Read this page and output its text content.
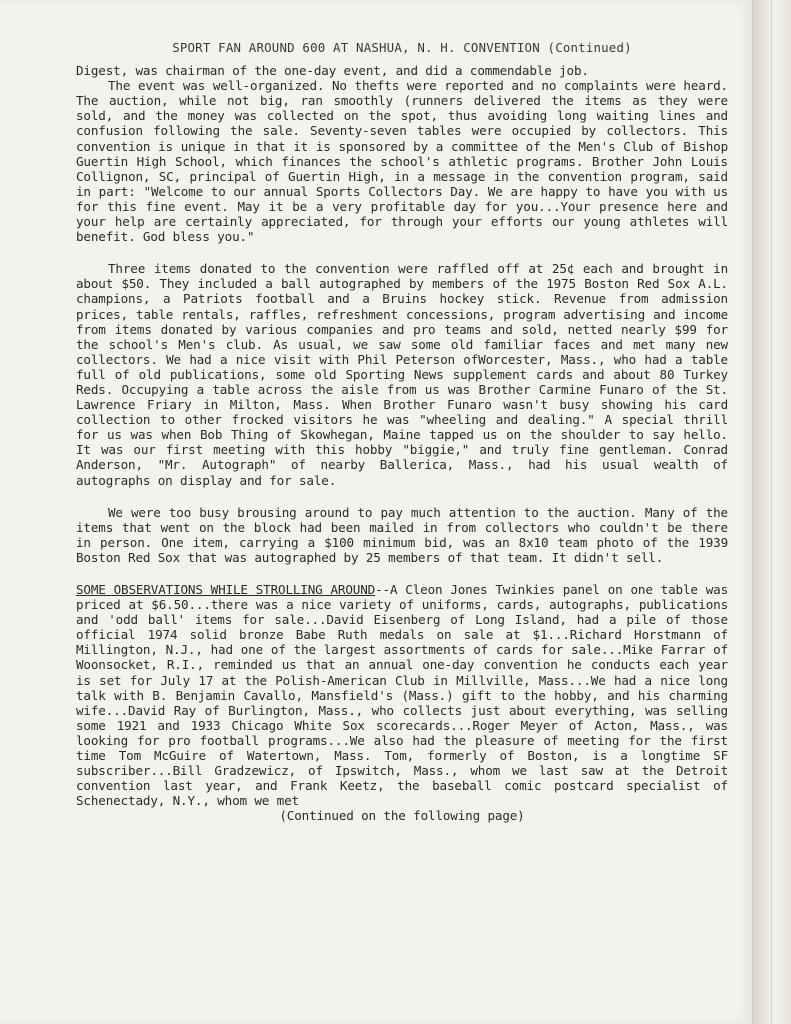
SPORT FAN AROUND 600 AT NASHUA, N. H. CONVENTION (Continued)

Digest, was chairman of the one-day event, and did a commendable job.

The event was well-organized. No thefts were reported and no complaints were heard. The auction, while not big, ran smoothly (runners delivered the items as they were sold, and the money was collected on the spot, thus avoiding long waiting lines and confusion following the sale. Seventy-seven tables were occupied by collectors. This convention is unique in that it is sponsored by a committee of the Men's Club of Bishop Guertin High School, which finances the school's athletic programs. Brother John Louis Collignon, SC, principal of Guertin High, in a message in the convention program, said in part: "Welcome to our annual Sports Collectors Day. We are happy to have you with us for this fine event. May it be a very profitable day for you...Your presence here and your help are certainly appreciated, for through your efforts our young athletes will benefit. God bless you."

Three items donated to the convention were raffled off at 25¢ each and brought in about $50. They included a ball autographed by members of the 1975 Boston Red Sox A.L. champions, a Patriots football and a Bruins hockey stick. Revenue from admission prices, table rentals, raffles, refreshment concessions, program advertising and income from items donated by various companies and pro teams and sold, netted nearly $99 for the school's Men's club. As usual, we saw some old familiar faces and met many new collectors. We had a nice visit with Phil Peterson ofWorcester, Mass., who had a table full of old publications, some old Sporting News supplement cards and about 80 Turkey Reds. Occupying a table across the aisle from us was Brother Carmine Funaro of the St. Lawrence Friary in Milton, Mass. When Brother Funaro wasn't busy showing his card collection to other frocked visitors he was "wheeling and dealing." A special thrill for us was when Bob Thing of Skowhegan, Maine tapped us on the shoulder to say hello. It was our first meeting with this hobby "biggie," and truly fine gentleman. Conrad Anderson, "Mr. Autograph" of nearby Ballerica, Mass., had his usual wealth of autographs on display and for sale.

We were too busy brousing around to pay much attention to the auction. Many of the items that went on the block had been mailed in from collectors who couldn't be there in person. One item, carrying a $100 minimum bid, was an 8x10 team photo of the 1939 Boston Red Sox that was autographed by 25 members of that team. It didn't sell.

SOME OBSERVATIONS WHILE STROLLING AROUND--A Cleon Jones Twinkies panel on one table was priced at $6.50...there was a nice variety of uniforms, cards, autographs, publications and 'odd ball' items for sale...David Eisenberg of Long Island, had a pile of those official 1974 solid bronze Babe Ruth medals on sale at $1...Richard Horstmann of Millington, N.J., had one of the largest assortments of cards for sale...Mike Farrar of Woonsocket, R.I., reminded us that an annual one-day convention he conducts each year is set for July 17 at the Polish-American Club in Millville, Mass...We had a nice long talk with B. Benjamin Cavallo, Mansfield's (Mass.) gift to the hobby, and his charming wife...David Ray of Burlington, Mass., who collects just about everything, was selling some 1921 and 1933 Chicago White Sox scorecards...Roger Meyer of Acton, Mass., was looking for pro football programs...We also had the pleasure of meeting for the first time Tom McGuire of Watertown, Mass. Tom, formerly of Boston, is a longtime SF subscriber...Bill Gradzewicz, of Ipswitch, Mass., whom we last saw at the Detroit convention last year, and Frank Keetz, the baseball comic postcard specialist of Schenectady, N.Y., whom we met

(Continued on the following page)
